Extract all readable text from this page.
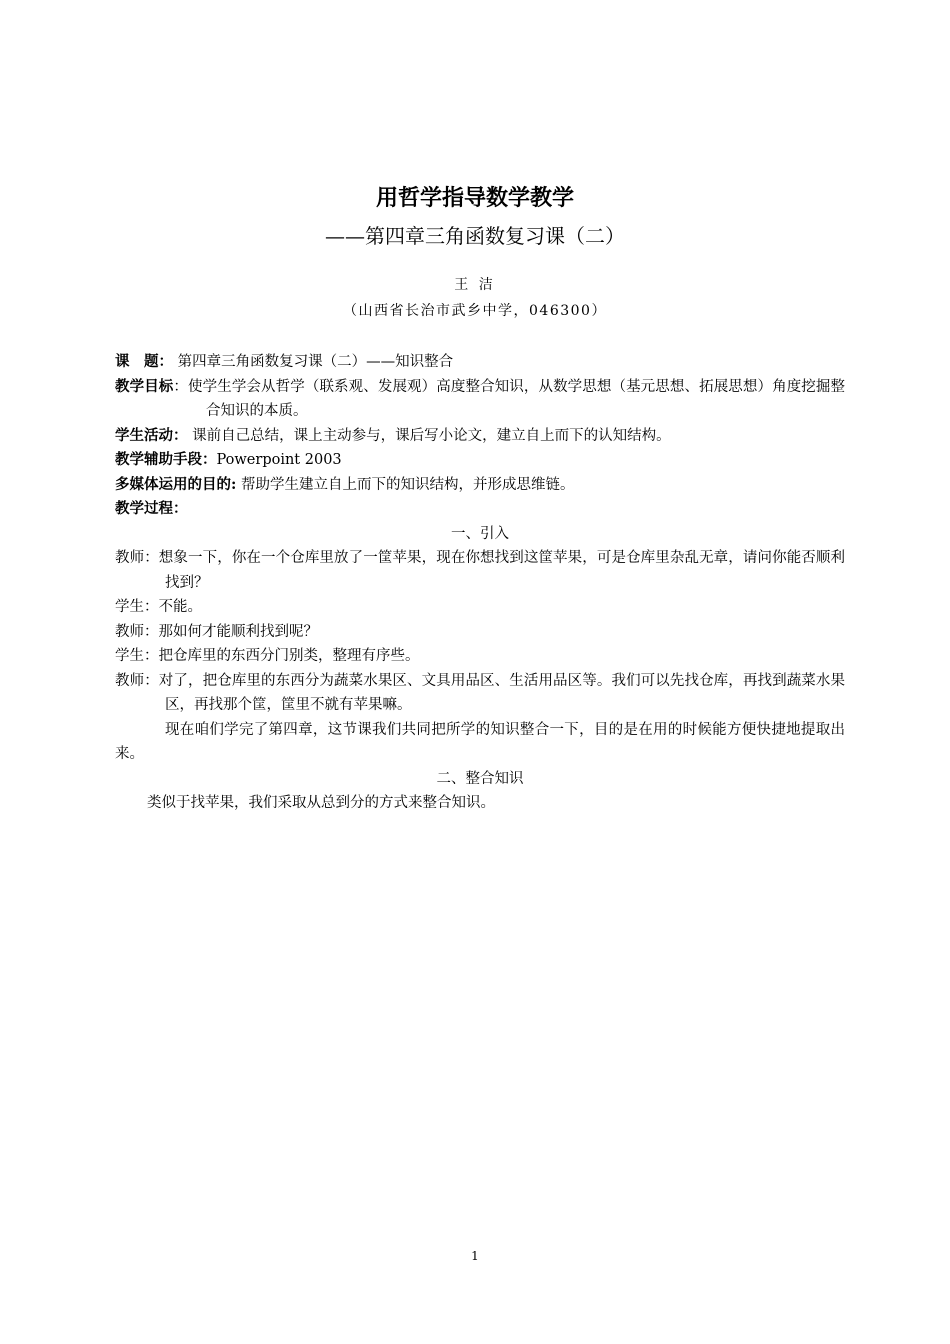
用哲学指导数学教学
——第四章三角函数复习课（二）
王 洁
（山西省长治市武乡中学，046300）

课　题： 第四章三角函数复习课（二）——知识整合

教学目标：使学生学会从哲学（联系观、发展观）高度整合知识，从数学思想（基元思想、拓展思想）角度挖掘整合知识的本质。

学生活动： 课前自己总结，课上主动参与，课后写小论文，建立自上而下的认知结构。

教学辅助手段：Powerpoint 2003

多媒体运用的目的: 帮助学生建立自上而下的知识结构，并形成思维链。

教学过程：

一、引入

教师：想象一下，你在一个仓库里放了一筐苹果，现在你想找到这筐苹果，可是仓库里杂乱无章，请问你能否顺利找到？

学生：不能。

教师：那如何才能顺利找到呢？

学生：把仓库里的东西分门别类，整理有序些。

教师：对了，把仓库里的东西分为蔬菜水果区、文具用品区、生活用品区等。我们可以先找仓库，再找到蔬菜水果区，再找那个筐，筐里不就有苹果嘛。

现在咱们学完了第四章，这节课我们共同把所学的知识整合一下，目的是在用的时候能方便快捷地提取出来。

二、整合知识

类似于找苹果，我们采取从总到分的方式来整合知识。

1
